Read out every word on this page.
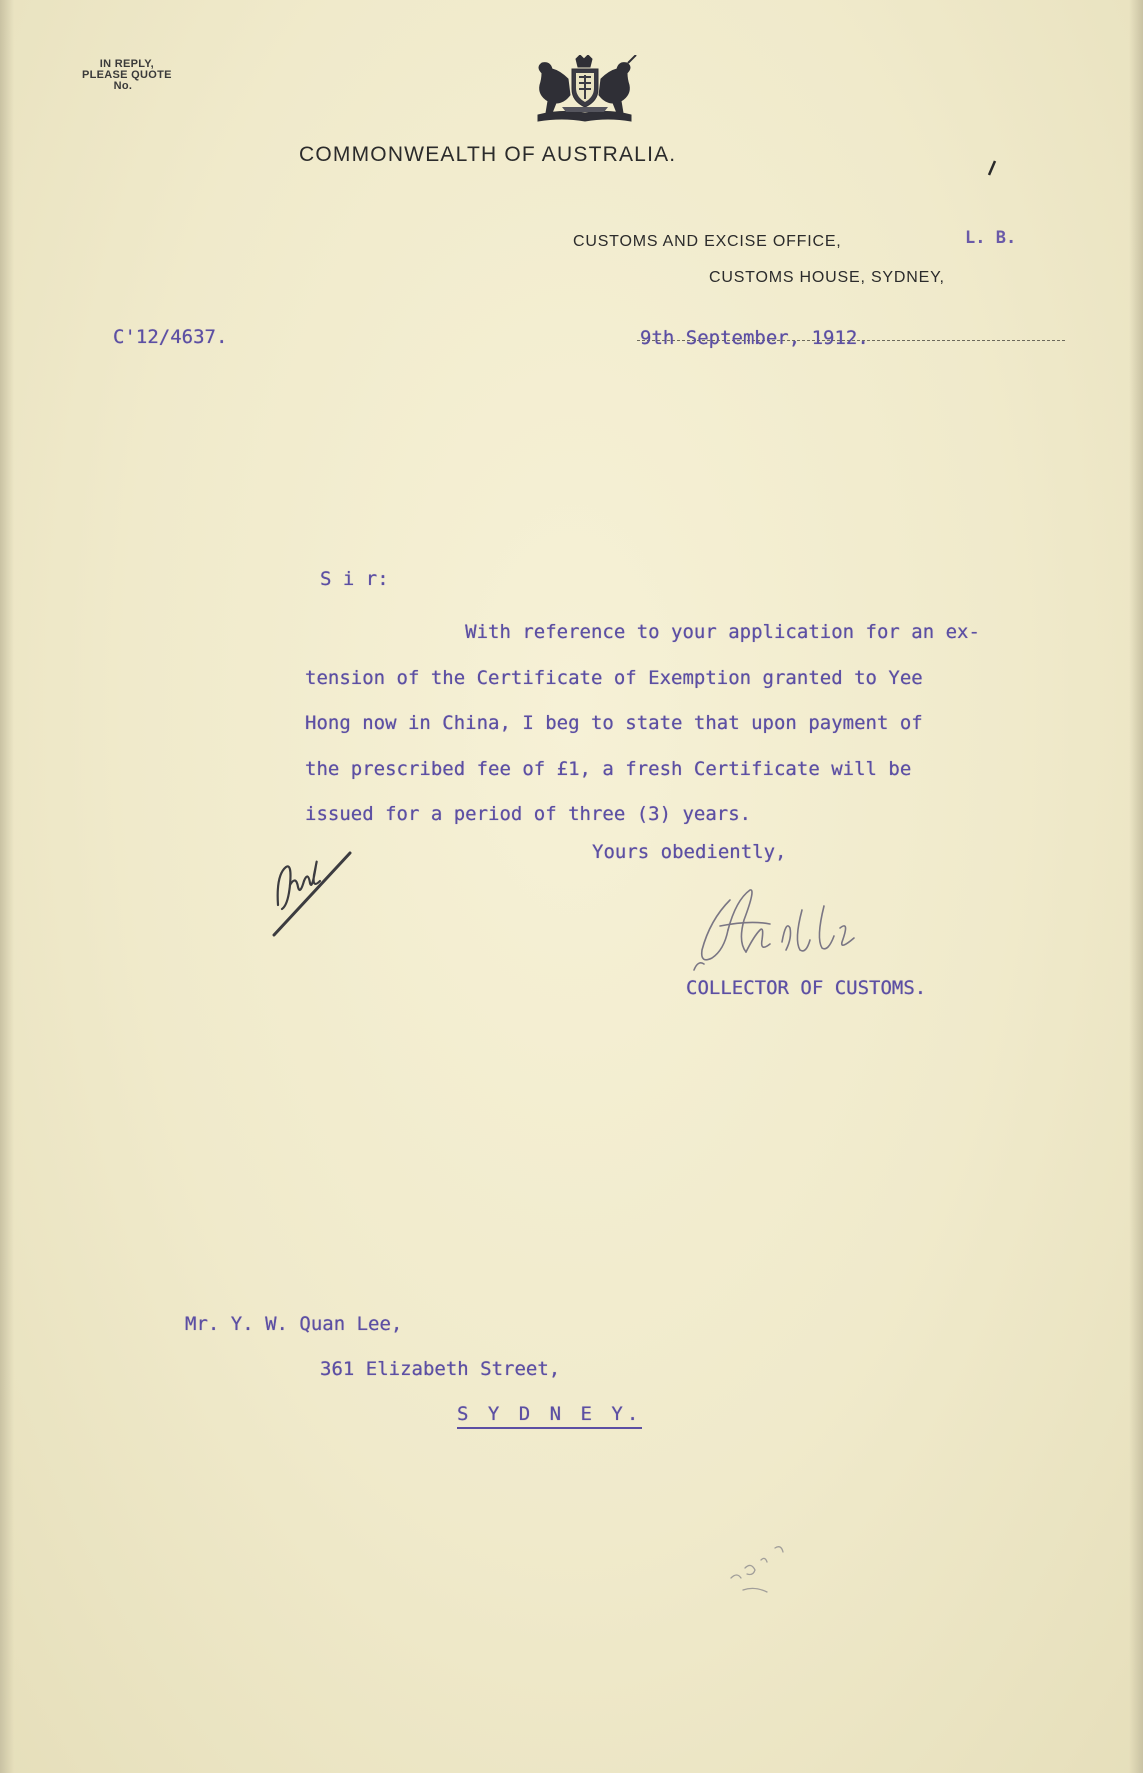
IN REPLY,
PLEASE QUOTE
No.
COMMONWEALTH OF AUSTRALIA.
CUSTOMS AND EXCISE OFFICE,	L. B.
CUSTOMS HOUSE, SYDNEY,
C'12/4637.	9th September, 1912.
S i r:
With reference to your application for an ex-
tension of the Certificate of Exemption granted to Yee
Hong now in China, I beg to state that upon payment of
the prescribed fee of £1, a fresh Certificate will be
issued for a period of three (3) years.
Yours obediently,
COLLECTOR OF CUSTOMS.
Mr. Y. W. Quan Lee,
361 Elizabeth Street,
S Y D N E Y.
